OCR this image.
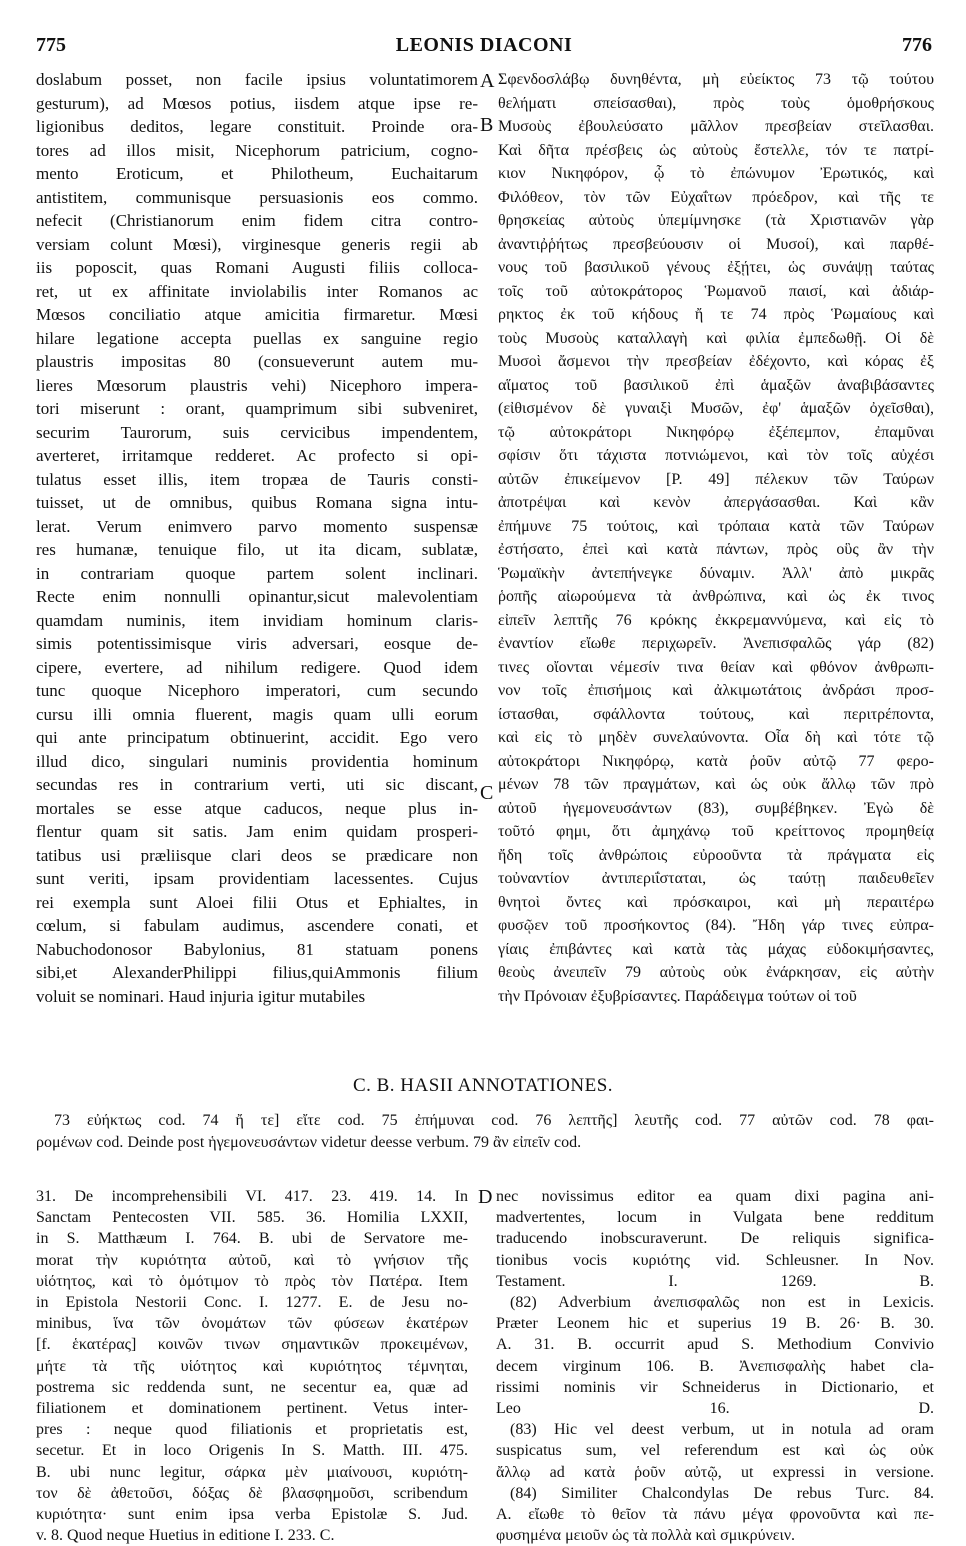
775	LEONIS DIACONI	776
doslabum posset, non facile ipsius voluntatimorem
gesturum), ad Mœsos potius, iisdem atque ipse re-
ligionibus deditos, legare constituit. Proinde ora-
tores ad illos misit, Nicephorum patricium, cogno-
mento Eroticum, et Philotheum, Euchaitarum
antistitem, communisque persuasionis eos commo.
nefecit (Christianorum enim fidem citra contro-
versiam colunt Mœsi), virginesque generis regii ab
iis poposcit, quas Romani Augusti filiis colloca-
ret, ut ex affinitate inviolabilis inter Romanos ac
Mœsos conciliatio atque amicitia firmaretur. Mœsi
hilare legatione accepta puellas ex sanguine regio
plaustris impositas 80 (consueverunt autem mu-
lieres Mœsorum plaustris vehi) Nicephoro impera-
tori miserunt : orant, quamprimum sibi subveniret,
securim Taurorum, suis cervicibus impendentem,
averteret, irritamque redderet. Ac profecto si opi-
tulatus esset illis, item tropæa de Tauris consti-
tuisset, ut de omnibus, quibus Romana signa intu-
lerat. Verum enimvero parvo momento suspensæ
res humanæ, tenuique filo, ut ita dicam, sublatæ,
in contrariam quoque partem solent inclinari.
Recte enim nonnulli opinantur,sicut malevolentiam
quamdam numinis, item invidiam hominum claris-
simis potentissimisque viris adversari, eosque de-
cipere, evertere, ad nihilum redigere. Quod idem
tunc quoque Nicephoro imperatori, cum secundo
cursu illi omnia fluerent, magis quam ulli eorum
qui ante principatum obtinuerint, accidit. Ego vero
illud dico, singulari numinis providentia hominum
secundas res in contrarium verti, uti sic discant,
mortales se esse atque caducos, neque plus in-
flentur quam sit satis. Jam enim quidam prosperi-
tatibus usi præliisque clari deos se prædicare non
sunt veriti, ipsam providentiam lacessentes. Cujus
rei exempla sunt Aloei filii Otus et Ephialtes, in
cœlum, si fabulam audimus, ascendere conati, et
Nabuchodonosor Babylonius, 81 statuam ponens
sibi,et AlexanderPhilippi filius,quiAmmonis filium
voluit se nominari. Haud injuria igitur mutabiles
Σφενδοσλάβῳ δυνηθέντα, μὴ εὐείκτος 73 τῷ τούτου
θελήματι σπείσασθαι), πρὸς τοὺς ὁμοθρήσκους
Μυσοὺς ἐβουλεύσατο μᾶλλον πρεσβείαν στεῖλασθαι.
Καὶ δῆτα πρέσβεις ὡς αὐτοὺς ἔστελλε, τόν τε πατρί-
κιον Νικηφόρον, ᾧ τὸ ἐπώνυμον Ἐρωτικός, καὶ
Φιλόθεον, τὸν τῶν Εὐχαΐτων πρόεδρον, καὶ τῆς τε
θρησκείας αὐτοὺς ὑπεμίμνησκε (τὰ Χριστιανῶν γὰρ
ἀναντιῤῥήτως πρεσβεύουσιν οἱ Μυσοί), καὶ παρθέ-
νους τοῦ βασιλικοῦ γένους ἐξῄτει, ὡς συνάψῃ ταύτας
τοῖς τοῦ αὐτοκράτορος Ῥωμανοῦ παισί, καὶ ἀδιάρ-
ρηκτος ἐκ τοῦ κήδους ἤ τε 74 πρὸς Ῥωμαίους καὶ
τοὺς Μυσοὺς καταλλαγὴ καὶ φιλία ἐμπεδωθῇ. Οἱ δὲ
Μυσοὶ ἄσμενοι τὴν πρεσβείαν ἐδέχοντο, καὶ κόρας ἐξ
αἵματος τοῦ βασιλικοῦ ἐπὶ ἁμαξῶν ἀναβιβάσαντες
(εἰθισμένον δὲ γυναιξὶ Μυσῶν, ἐφ' ἁμαξῶν ὀχεῖσθαι),
τῷ αὐτοκράτορι Νικηφόρῳ ἐξέπεμπον, ἐπαμῦναι
σφίσιν ὅτι τάχιστα ποτνιώμενοι, καὶ τὸν τοῖς αὐχέσι
αὐτῶν ἐπικείμενον [P. 49] πέλεκυν τῶν Ταύρων
ἀποτρέψαι καὶ κενὸν ἀπεργάσασθαι. Καὶ κἂν
ἐπήμυνε 75 τούτοις, καὶ τρόπαια κατὰ τῶν Ταύρων
ἐστήσατο, ἐπεὶ καὶ κατὰ πάντων, πρὸς οὓς ἂν τὴν
Ῥωμαϊκὴν ἀντεπήνεγκε δύναμιν. Ἀλλ' ἀπὸ μικρᾶς
ῥοπῆς αἰωρούμενα τὰ ἀνθρώπινα, καὶ ὡς ἐκ τινος
εἰπεῖν λεπτῆς 76 κρόκης ἐκκρεμαννύμενα, καὶ εἰς τὸ
ἐναντίον εἴωθε περιχωρεῖν. Ἀνεπισφαλῶς γάρ (82)
τινες οἴονται νέμεσίν τινα θείαν καὶ φθόνον ἀνθρωπι-
νον τοῖς ἐπισήμοις καὶ ἀλκιμωτάτοις ἀνδράσι προσ-
ίστασθαι, σφάλλοντα τούτους, καὶ περιτρέποντα,
καὶ εἰς τὸ μηδὲν συνελαύνοντα. Οἷα δὴ καὶ τότε τῷ
αὐτοκράτορι Νικηφόρῳ, κατὰ ῥοῦν αὐτῷ 77 φερο-
μένων 78 τῶν πραγμάτων, καὶ ὡς οὐκ ἄλλῳ τῶν πρὸ
αὐτοῦ ἡγεμονευσάντων (83), συμβέβηκεν. Ἐγὼ δὲ
τοῦτό φημι, ὅτι ἀμηχάνῳ τοῦ κρείττονος προμηθείᾳ
ἤδη τοῖς ἀνθρώποις εὐροοῦντα τὰ πράγματα εἰς
τοὐναντίον ἀντιπεριΐσταται, ὡς ταύτῃ παιδευθεῖεν
θνητοὶ ὄντες καὶ πρόσκαιροι, καὶ μὴ περαιτέρω
φυσῷεν τοῦ προσήκοντος (84). Ἤδη γάρ τινες εὐπρα-
γίαις ἐπιβάντες καὶ κατὰ τὰς μάχας εὐδοκιμήσαντες,
θεοὺς ἀνειπεῖν 79 αὐτοὺς οὐκ ἐνάρκησαν, εἰς αὐτὴν
τὴν Πρόνοιαν ἐξυβρίσαντες. Παράδειγμα τούτων οἱ τοῦ
A
B
C
D
C. B. HASII ANNOTATIONES.
73 εὐήκτως cod. 74 ἤ τε] εἴτε cod. 75 ἐπήμυναι cod. 76 λεπτῆς] λευτῆς cod. 77 αὐτῶν cod. 78 φαι-
ρομένων cod. Deinde post ἡγεμονευσάντων videtur deesse verbum. 79 ἂν εἰπεῖν cod.
31. De incomprehensibili VI. 417. 23. 419. 14. In
Sanctam Pentecosten VII. 585. 36. Homilia LXXII,
in S. Matthæum I. 764. B. ubi de Servatore me-
morat τὴν κυριότητα αὐτοῦ, καὶ τὸ γνήσιον τῆς
υἱότητος, καὶ τὸ ὁμότιμον τὸ πρὸς τὸν Πατέρα. Item
in Epistola Nestorii Conc. I. 1277. E. de Jesu no-
minibus, ἵνα τῶν ὀνομάτων τῶν φύσεων ἑκατέρων
[f. ἑκατέρας] κοινῶν τινων σημαντικῶν προκειμένων,
μήτε τὰ τῆς υἱότητος καὶ κυριότητος τέμνηται,
postrema sic reddenda sunt, ne secentur ea, quæ ad
filiationem et dominationem pertinent. Vetus inter-
pres : neque quod filiationis et proprietatis est,
secetur. Et in loco Origenis In S. Matth. III. 475.
B. ubi nunc legitur, σάρκα μὲν μιαίνουσι, κυριότη-
τον δὲ ἀθετοῦσι, δόξας δὲ βλασφημοῦσι, scribendum
κυριότητα· sunt enim ipsa verba Epistolæ S. Jud.
v. 8. Quod neque Huetius in editione I. 233. C.
nec novissimus editor ea quam dixi pagina ani-
madvertentes, locum in Vulgata bene redditum
traducendo inobscuraverunt. De reliquis significa-
tionibus vocis κυριότης vid. Schleusner. In Nov.
Testament. I. 1269. B.
(82) Adverbium ἀνεπισφαλῶς non est in Lexicis.
Præter Leonem hic et superius 19 B. 26· B. 30.
A. 31. B. occurrit apud S. Methodium Convivio
decem virginum 106. B. Ἀνεπισφαλὴς habet cla-
rissimi nominis vir Schneiderus in Dictionario, et
Leo 16. D.
(83) Hic vel deest verbum, ut in notula ad oram
suspicatus sum, vel referendum est καὶ ὡς οὐκ
ἄλλῳ ad κατὰ ῥοῦν αὐτῷ, ut expressi in versione.
(84) Similiter Chalcondylas De rebus Turc. 84.
A. εἴωθε τὸ θεῖον τὰ πάνυ μέγα φρονοῦντα καὶ πε-
φυσημένα μειοῦν ὡς τὰ πολλὰ καὶ σμικρύνειν.
